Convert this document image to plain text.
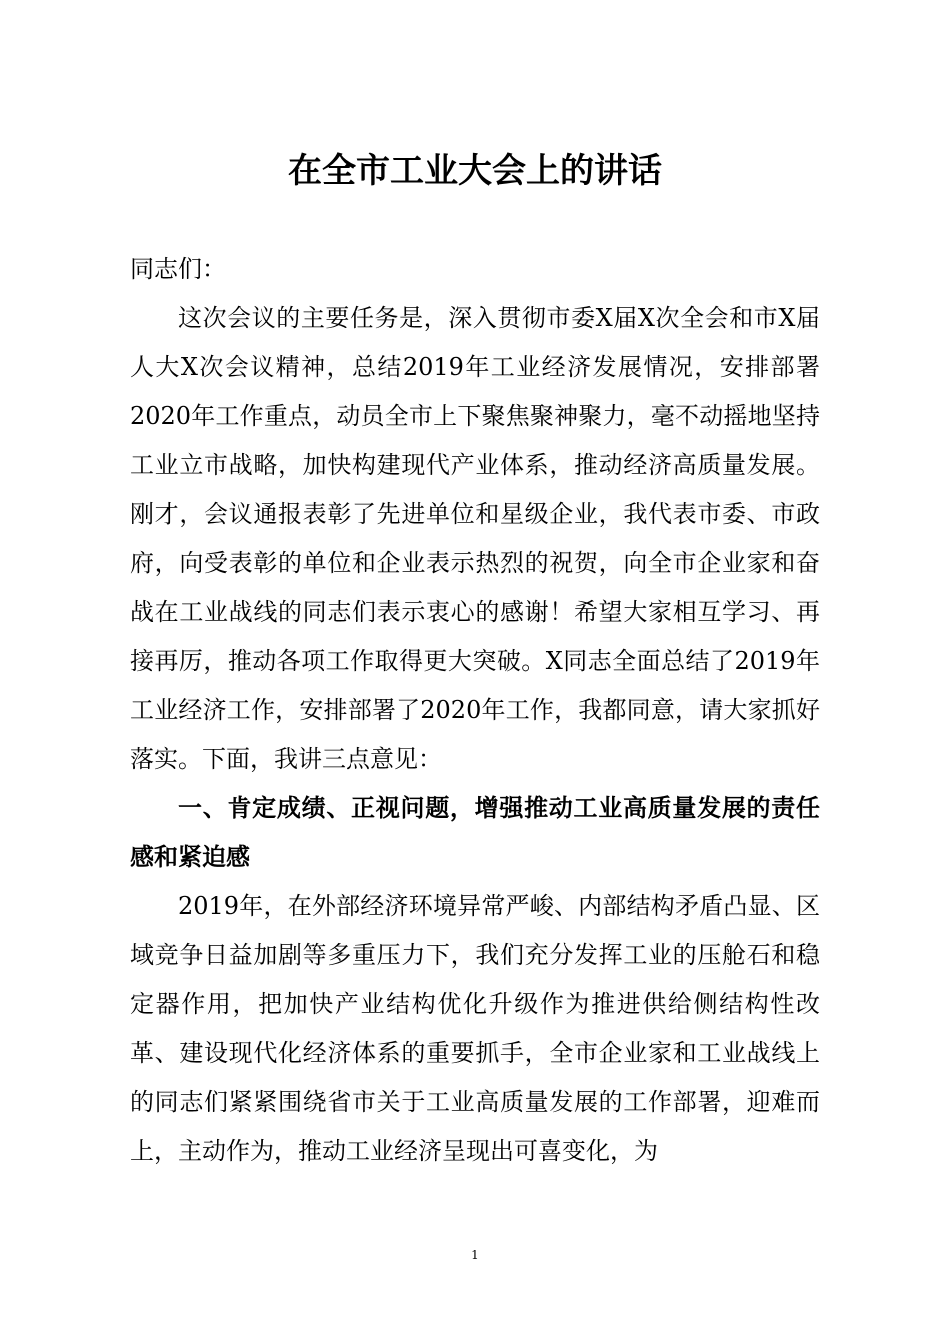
在全市工业大会上的讲话

同志们：

这次会议的主要任务是，深入贯彻市委X届X次全会和市X届人大X次会议精神，总结2019年工业经济发展情况，安排部署2020年工作重点，动员全市上下聚焦聚神聚力，毫不动摇地坚持工业立市战略，加快构建现代产业体系，推动经济高质量发展。刚才，会议通报表彰了先进单位和星级企业，我代表市委、市政府，向受表彰的单位和企业表示热烈的祝贺，向全市企业家和奋战在工业战线的同志们表示衷心的感谢！希望大家相互学习、再接再厉，推动各项工作取得更大突破。X同志全面总结了2019年工业经济工作，安排部署了2020年工作，我都同意，请大家抓好落实。下面，我讲三点意见：

一、肯定成绩、正视问题，增强推动工业高质量发展的责任感和紧迫感

2019年，在外部经济环境异常严峻、内部结构矛盾凸显、区域竞争日益加剧等多重压力下，我们充分发挥工业的压舱石和稳定器作用，把加快产业结构优化升级作为推进供给侧结构性改革、建设现代化经济体系的重要抓手，全市企业家和工业战线上的同志们紧紧围绕省市关于工业高质量发展的工作部署，迎难而上，主动作为，推动工业经济呈现出可喜变化，为

1
